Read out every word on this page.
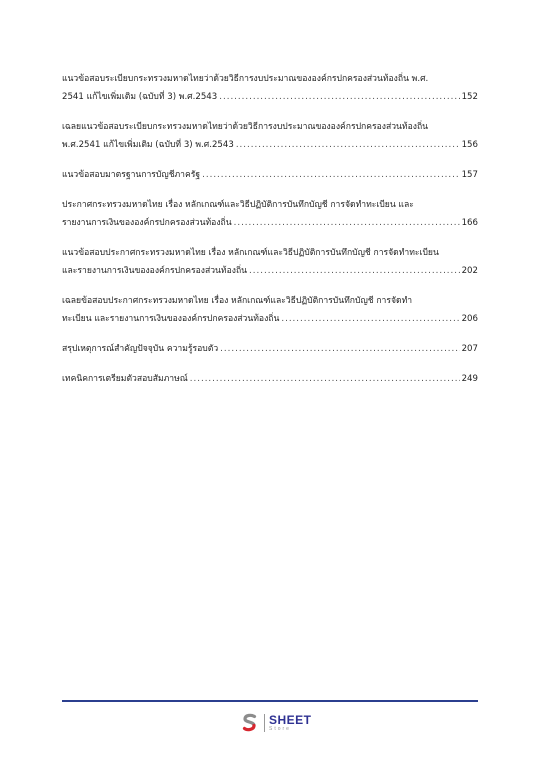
แนวข้อสอบระเบียบกระทรวงมหาดไทยว่าด้วยวิธีการงบประมาณขององค์กรปกครองส่วนท้องถิ่น พ.ศ.
2541 แก้ไขเพิ่มเติม (ฉบับที่ 3) พ.ศ.2543 .....	152
เฉลยแนวข้อสอบระเบียบกระทรวงมหาดไทยว่าด้วยวิธีการงบประมาณขององค์กรปกครองส่วนท้องถิ่น
พ.ศ.2541 แก้ไขเพิ่มเติม (ฉบับที่ 3) พ.ศ.2543 .....	156
แนวข้อสอบมาตรฐานการบัญชีภาครัฐ .....	157
ประกาศกระทรวงมหาดไทย เรื่อง หลักเกณฑ์และวิธีปฏิบัติการบันทึกบัญชี การจัดทำทะเบียน และ
รายงานการเงินขององค์กรปกครองส่วนท้องถิ่น .....	166
แนวข้อสอบประกาศกระทรวงมหาดไทย เรื่อง หลักเกณฑ์และวิธีปฏิบัติการบันทึกบัญชี การจัดทำทะเบียน
และรายงานการเงินขององค์กรปกครองส่วนท้องถิ่น .....	202
เฉลยข้อสอบประกาศกระทรวงมหาดไทย เรื่อง หลักเกณฑ์และวิธีปฏิบัติการบันทึกบัญชี การจัดทำ
ทะเบียน และรายงานการเงินขององค์กรปกครองส่วนท้องถิ่น .....	206
สรุปเหตุการณ์สำคัญปัจจุบัน ความรู้รอบตัว .....	207
เทคนิคการเตรียมตัวสอบสัมภาษณ์ .....	249
SHEET
Store
